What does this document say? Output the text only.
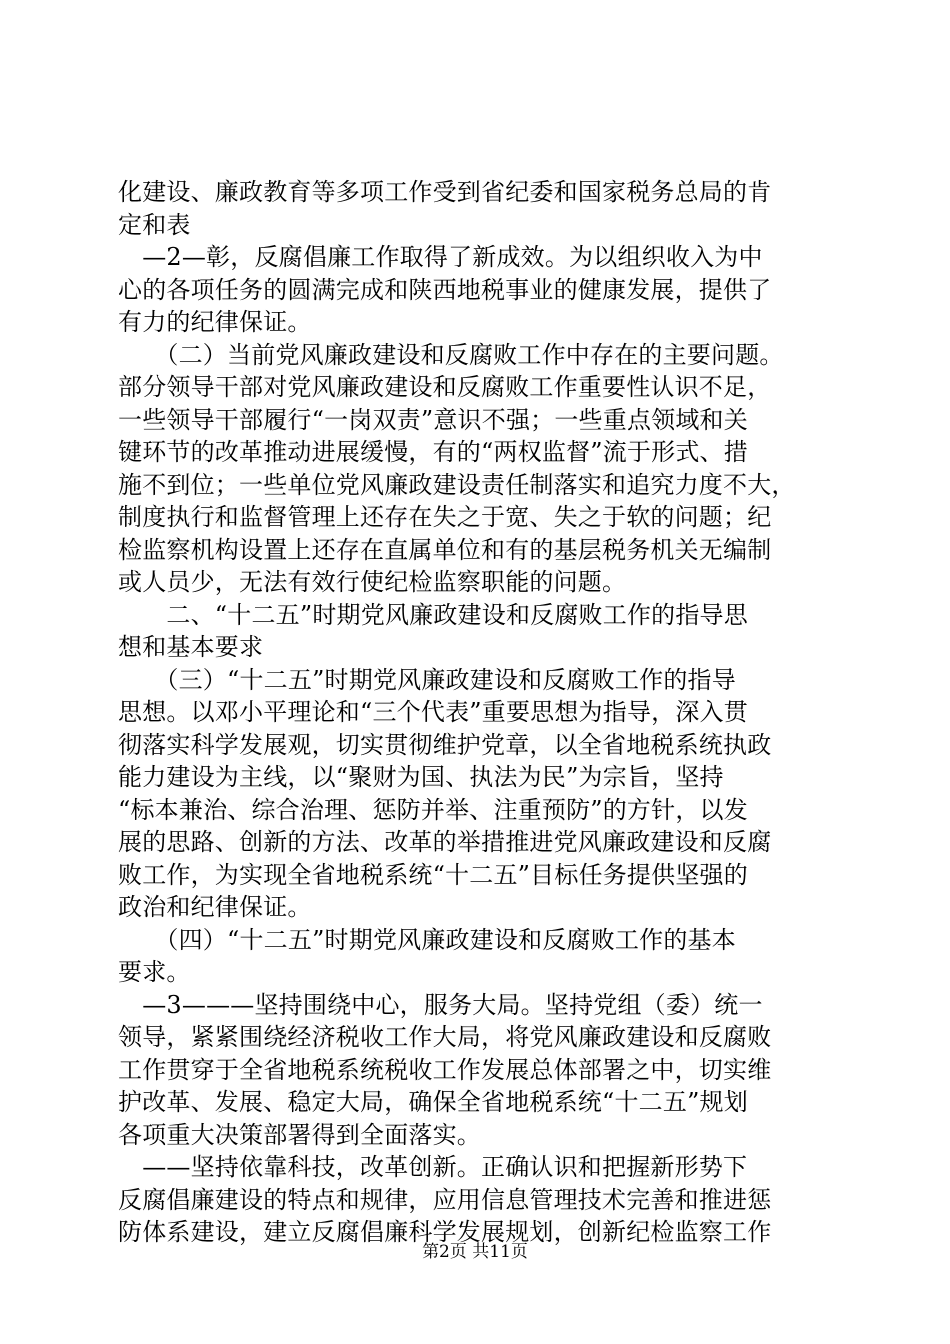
化建设、廉政教育等多项工作受到省纪委和国家税务总局的肯
定和表
　—2—彰，反腐倡廉工作取得了新成效。为以组织收入为中
心的各项任务的圆满完成和陕西地税事业的健康发展，提供了
有力的纪律保证。
　　（二）当前党风廉政建设和反腐败工作中存在的主要问题。
部分领导干部对党风廉政建设和反腐败工作重要性认识不足，
一些领导干部履行“一岗双责”意识不强；一些重点领域和关
键环节的改革推动进展缓慢，有的“两权监督”流于形式、措
施不到位；一些单位党风廉政建设责任制落实和追究力度不大，
制度执行和监督管理上还存在失之于宽、失之于软的问题；纪
检监察机构设置上还存在直属单位和有的基层税务机关无编制
或人员少，无法有效行使纪检监察职能的问题。
　　二、“十二五”时期党风廉政建设和反腐败工作的指导思
想和基本要求
　　（三）“十二五”时期党风廉政建设和反腐败工作的指导
思想。以邓小平理论和“三个代表”重要思想为指导，深入贯
彻落实科学发展观，切实贯彻维护党章，以全省地税系统执政
能力建设为主线，以“聚财为国、执法为民”为宗旨，坚持
“标本兼治、综合治理、惩防并举、注重预防”的方针，以发
展的思路、创新的方法、改革的举措推进党风廉政建设和反腐
败工作，为实现全省地税系统“十二五”目标任务提供坚强的
政治和纪律保证。
　　（四）“十二五”时期党风廉政建设和反腐败工作的基本
要求。
　—3———坚持围绕中心，服务大局。坚持党组（委）统一
领导，紧紧围绕经济税收工作大局，将党风廉政建设和反腐败
工作贯穿于全省地税系统税收工作发展总体部署之中，切实维
护改革、发展、稳定大局，确保全省地税系统“十二五”规划
各项重大决策部署得到全面落实。
　——坚持依靠科技，改革创新。正确认识和把握新形势下
反腐倡廉建设的特点和规律，应用信息管理技术完善和推进惩
防体系建设，建立反腐倡廉科学发展规划，创新纪检监察工作
第2页 共11页
